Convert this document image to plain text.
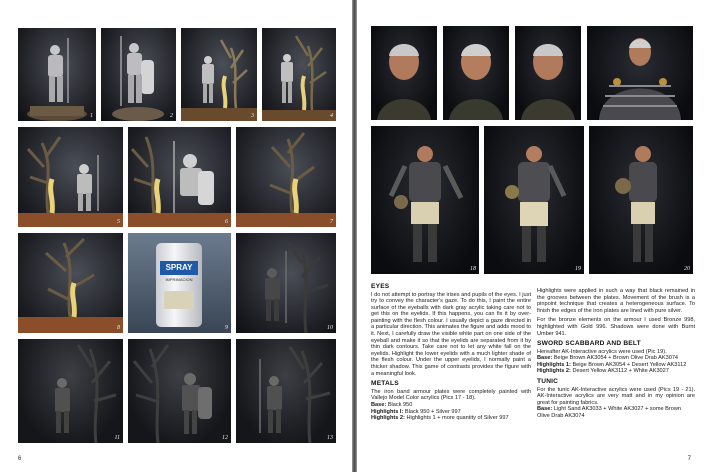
1	2	3	4
5	6	7
8
SPRAY
IMPRIMACION
9	10
11	12	13
6
18	19	20
EYES

I do not attempt to portray the irises and pupils of the eyes. I just try to convey the character's gaze. To do this, I paint the entire surface of the eyeballs with dark gray acrylic taking care not to get this on the eyelids. If this happens, you can fix it by over-painting with the flesh colour. I usually depict a gaze directed in a particular direction. This animates the figure and adds mood to it. Next, I carefully draw the visible white part on one side of the eyeball and make it so that the eyelids are separated from it by thin dark contours. Take care not to let any white fall on the eyelids. Highlight the lower eyelids with a much lighter shade of the flesh colour. Under the upper eyelids, I normally paint a thicker shadow. This game of contrasts provides the figure with a meaningful look.

METALS

The iron band armour plates were completely painted with Vallejo Model Color acrylics (Pics 17 - 18).

Base: Black 950
Highlights I: Black 950 + Silver 997
Highlights 2: Highlights 1 + more quantity of Silver 997

Highlights were applied in such a way that black remained in the grooves between the plates. Movement of the brush is a pinpoint technique that creates a heterogeneous surface. To finish the edges of the iron plates are lined with pure silver.

For the bronze elements on the armour I used Bronze 998, highlighted with Gold 996. Shadows were done with Burnt Umber 941.

SWORD SCABBARD AND BELT

Hereafter AK-Interactive acrylics were used (Pic 19).

Base: Beige Brown AK3054 + Brown Olive Drab AK3074
Highlights 1: Beige Brown AK3054 + Desert Yellow AK3112
Highlights 2: Desert Yellow AK3112 + White AK3027
TUNIC

For the tunic AK-Interactive acrylics were used (Pics 19 - 21). AK-Interactive acrylics are very matt and in my opinion are great for painting fabrics.

Base: Light Sand AK3033 + White AK3027 + some Brown Olive Drab AK3074
7
